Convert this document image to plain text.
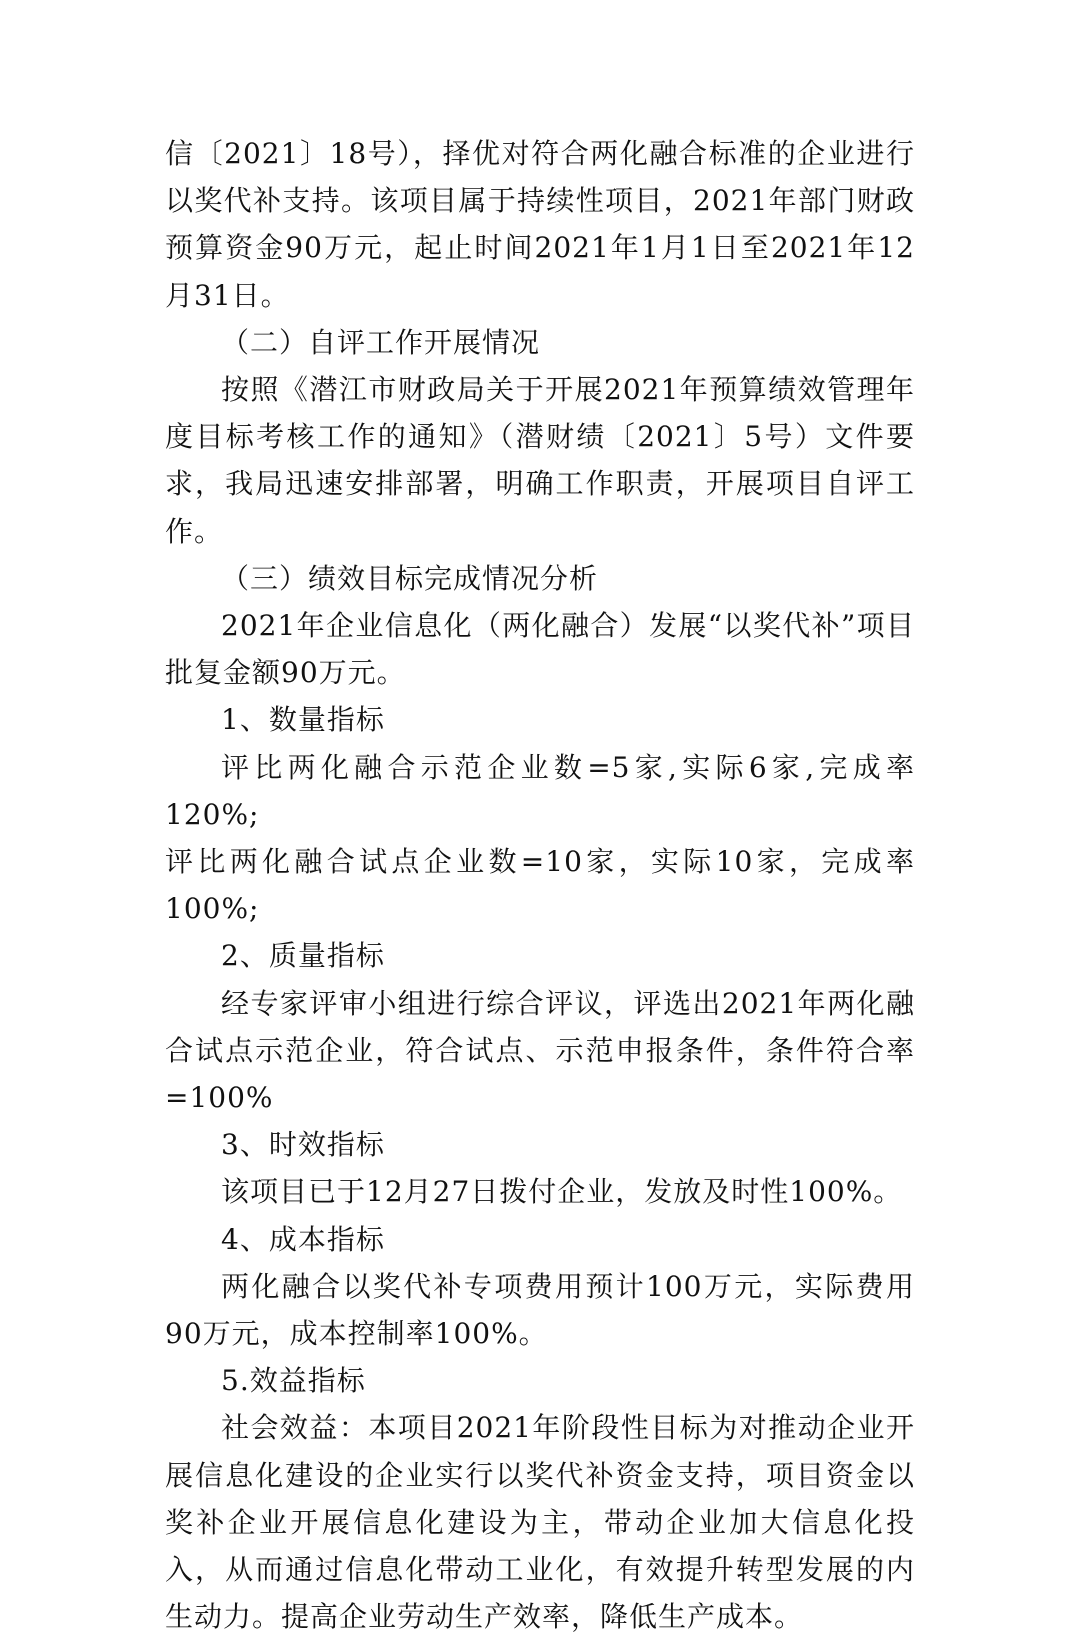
信〔2021〕18号），择优对符合两化融合标准的企业进行以奖代补支持。该项目属于持续性项目，2021年部门财政预算资金90万元，起止时间2021年1月1日至2021年12月31日。

（二）自评工作开展情况

按照《潜江市财政局关于开展2021年预算绩效管理年度目标考核工作的通知》（潜财绩〔2021〕5号）文件要求，我局迅速安排部署，明确工作职责，开展项目自评工作。

（三）绩效目标完成情况分析

2021年企业信息化（两化融合）发展“以奖代补”项目批复金额90万元。

1、数量指标

评比两化融合示范企业数=5家,实际6家,完成率120%;

评比两化融合试点企业数=10家，实际10家，完成率100%;

2、质量指标

经专家评审小组进行综合评议，评选出2021年两化融合试点示范企业，符合试点、示范申报条件，条件符合率=100%

3、时效指标

该项目已于12月27日拨付企业，发放及时性100%。

4、成本指标

两化融合以奖代补专项费用预计100万元，实际费用90万元，成本控制率100%。

5.效益指标

社会效益：本项目2021年阶段性目标为对推动企业开展信息化建设的企业实行以奖代补资金支持，项目资金以奖补企业开展信息化建设为主，带动企业加大信息化投入，从而通过信息化带动工业化，有效提升转型发展的内生动力。提高企业劳动生产效率，降低生产成本。
